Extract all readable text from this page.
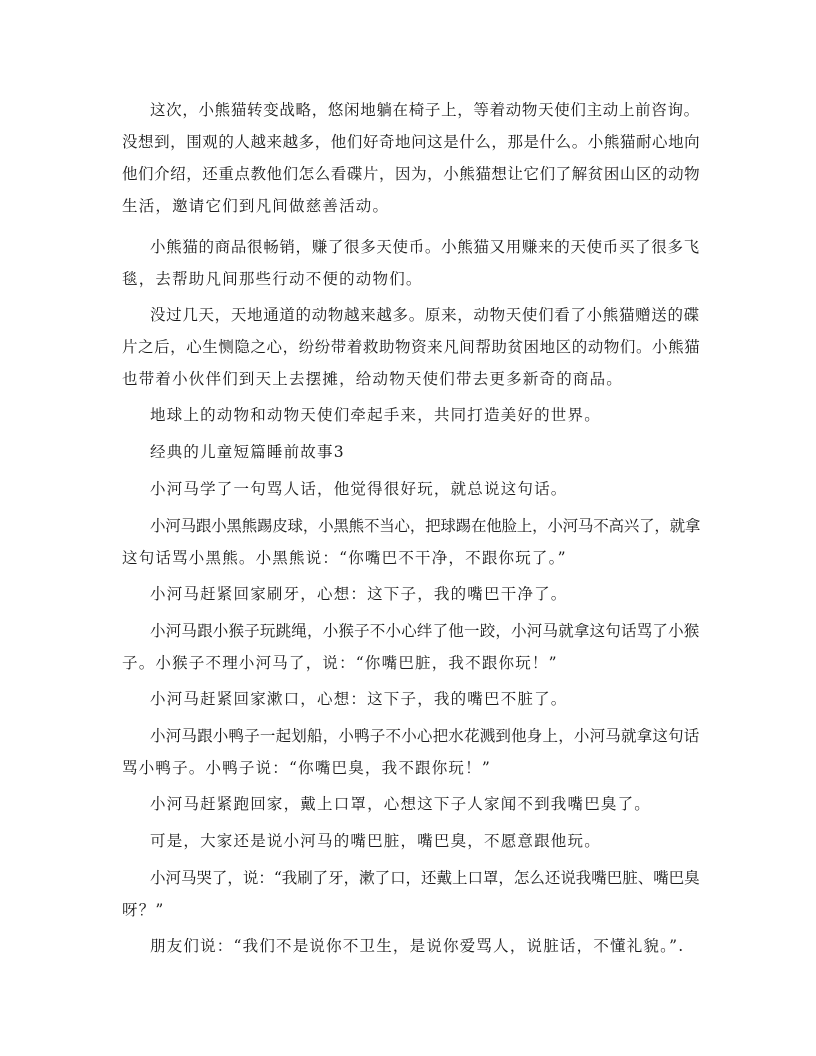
这次，小熊猫转变战略，悠闲地躺在椅子上，等着动物天使们主动上前咨询。
没想到，围观的人越来越多，他们好奇地问这是什么，那是什么。小熊猫耐心地向
他们介绍，还重点教他们怎么看碟片，因为，小熊猫想让它们了解贫困山区的动物
生活，邀请它们到凡间做慈善活动。
小熊猫的商品很畅销，赚了很多天使币。小熊猫又用赚来的天使币买了很多飞
毯，去帮助凡间那些行动不便的动物们。
没过几天，天地通道的动物越来越多。原来，动物天使们看了小熊猫赠送的碟
片之后，心生恻隐之心，纷纷带着救助物资来凡间帮助贫困地区的动物们。小熊猫
也带着小伙伴们到天上去摆摊，给动物天使们带去更多新奇的商品。
地球上的动物和动物天使们牵起手来，共同打造美好的世界。
经典的儿童短篇睡前故事3
小河马学了一句骂人话，他觉得很好玩，就总说这句话。
小河马跟小黑熊踢皮球，小黑熊不当心，把球踢在他脸上，小河马不高兴了，就拿
这句话骂小黑熊。小黑熊说：“你嘴巴不干净，不跟你玩了。”
小河马赶紧回家刷牙，心想：这下子，我的嘴巴干净了。
小河马跟小猴子玩跳绳，小猴子不小心绊了他一跤，小河马就拿这句话骂了小猴
子。小猴子不理小河马了，说：“你嘴巴脏，我不跟你玩！”
小河马赶紧回家漱口，心想：这下子，我的嘴巴不脏了。
小河马跟小鸭子一起划船，小鸭子不小心把水花溅到他身上，小河马就拿这句话
骂小鸭子。小鸭子说：“你嘴巴臭，我不跟你玩！”
小河马赶紧跑回家，戴上口罩，心想这下子人家闻不到我嘴巴臭了。
可是，大家还是说小河马的嘴巴脏，嘴巴臭，不愿意跟他玩。
小河马哭了，说：“我刷了牙，漱了口，还戴上口罩，怎么还说我嘴巴脏、嘴巴臭
呀？”
朋友们说：“我们不是说你不卫生，是说你爱骂人，说脏话，不懂礼貌。”.
